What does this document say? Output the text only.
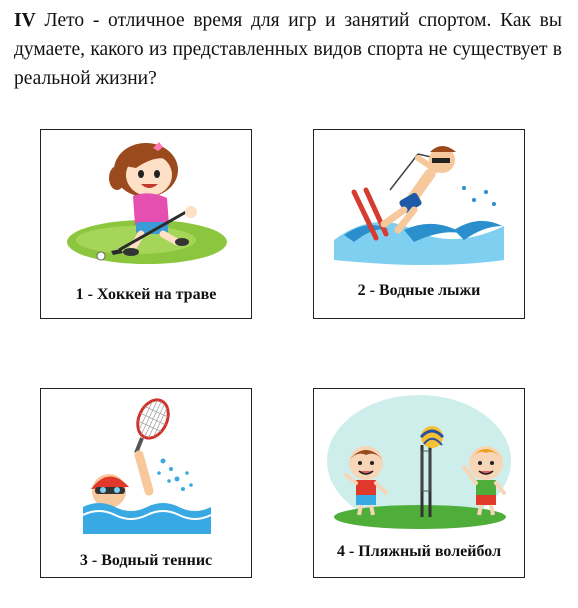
IV Лето - отличное время для игр и занятий спортом. Как вы думаете, какого из представленных видов спорта не существует в реальной жизни?
1 - Хоккей на траве	2 - Водные лыжи
3 - Водный теннис
4 - Пляжный волейбол
